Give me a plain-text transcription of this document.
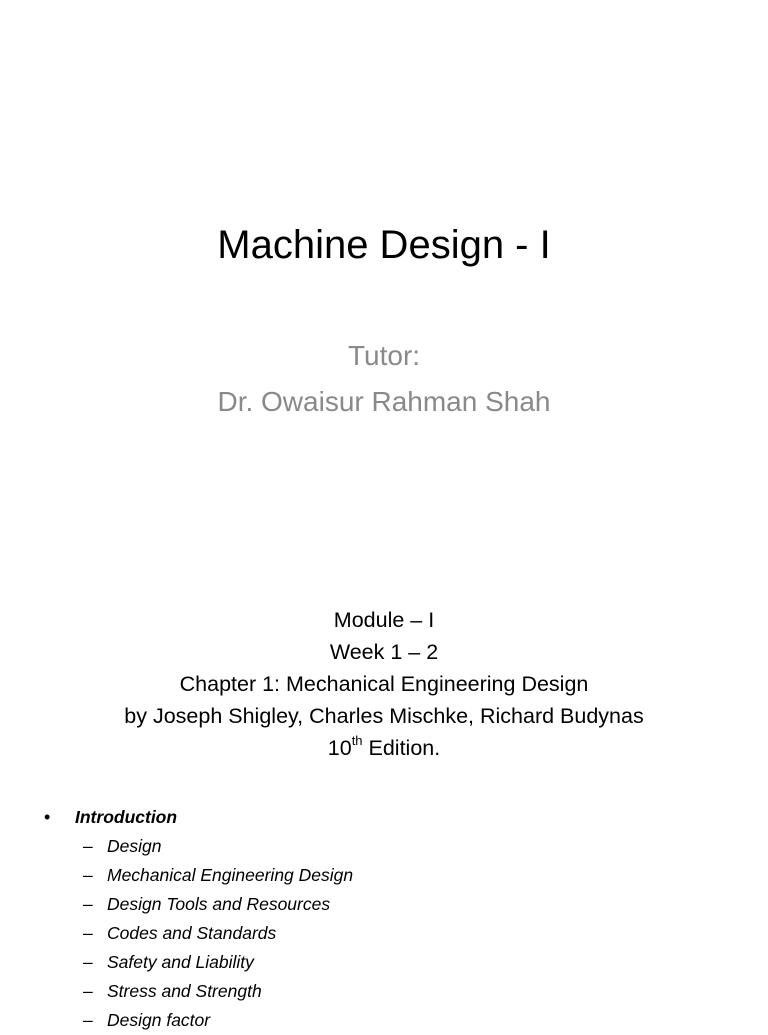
Machine Design - I
Tutor:
Dr. Owaisur Rahman Shah
Module – I
Week 1 – 2
Chapter 1: Mechanical Engineering Design
by Joseph Shigley, Charles Mischke, Richard Budynas
10th Edition.
• Introduction
– Design
– Mechanical Engineering Design
– Design Tools and Resources
– Codes and Standards
– Safety and Liability
– Stress and Strength
– Design factor
